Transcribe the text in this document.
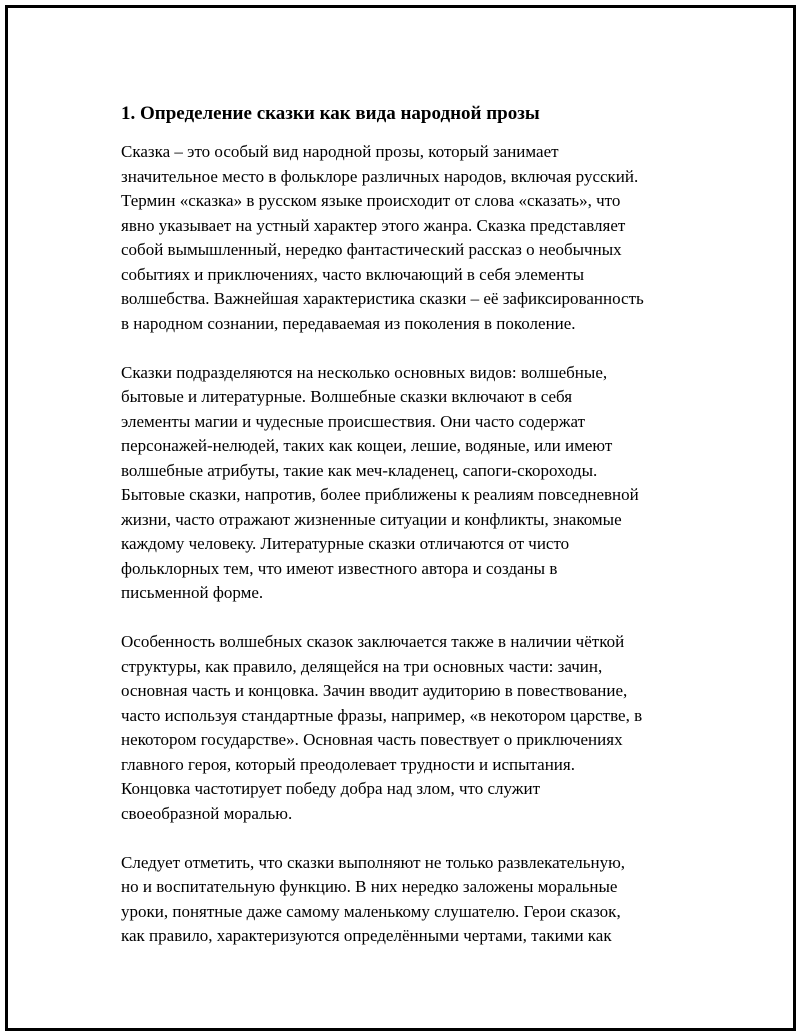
1. Определение сказки как вида народной прозы
Сказка – это особый вид народной прозы, который занимает
значительное место в фольклоре различных народов, включая русский.
Термин «сказка» в русском языке происходит от слова «сказать», что
явно указывает на устный характер этого жанра. Сказка представляет
собой вымышленный, нередко фантастический рассказ о необычных
событиях и приключениях, часто включающий в себя элементы
волшебства. Важнейшая характеристика сказки – её зафиксированность
в народном сознании, передаваемая из поколения в поколение.
Сказки подразделяются на несколько основных видов: волшебные,
бытовые и литературные. Волшебные сказки включают в себя
элементы магии и чудесные происшествия. Они часто содержат
персонажей-нелюдей, таких как кощеи, лешие, водяные, или имеют
волшебные атрибуты, такие как меч-кладенец, сапоги-скороходы.
Бытовые сказки, напротив, более приближены к реалиям повседневной
жизни, часто отражают жизненные ситуации и конфликты, знакомые
каждому человеку. Литературные сказки отличаются от чисто
фольклорных тем, что имеют известного автора и созданы в
письменной форме.
Особенность волшебных сказок заключается также в наличии чёткой
структуры, как правило, делящейся на три основных части: зачин,
основная часть и концовка. Зачин вводит аудиторию в повествование,
часто используя стандартные фразы, например, «в некотором царстве, в
некотором государстве». Основная часть повествует о приключениях
главного героя, который преодолевает трудности и испытания.
Концовка частотирует победу добра над злом, что служит
своеобразной моралью.
Следует отметить, что сказки выполняют не только развлекательную,
но и воспитательную функцию. В них нередко заложены моральные
уроки, понятные даже самому маленькому слушателю. Герои сказок,
как правило, характеризуются определёнными чертами, такими как
